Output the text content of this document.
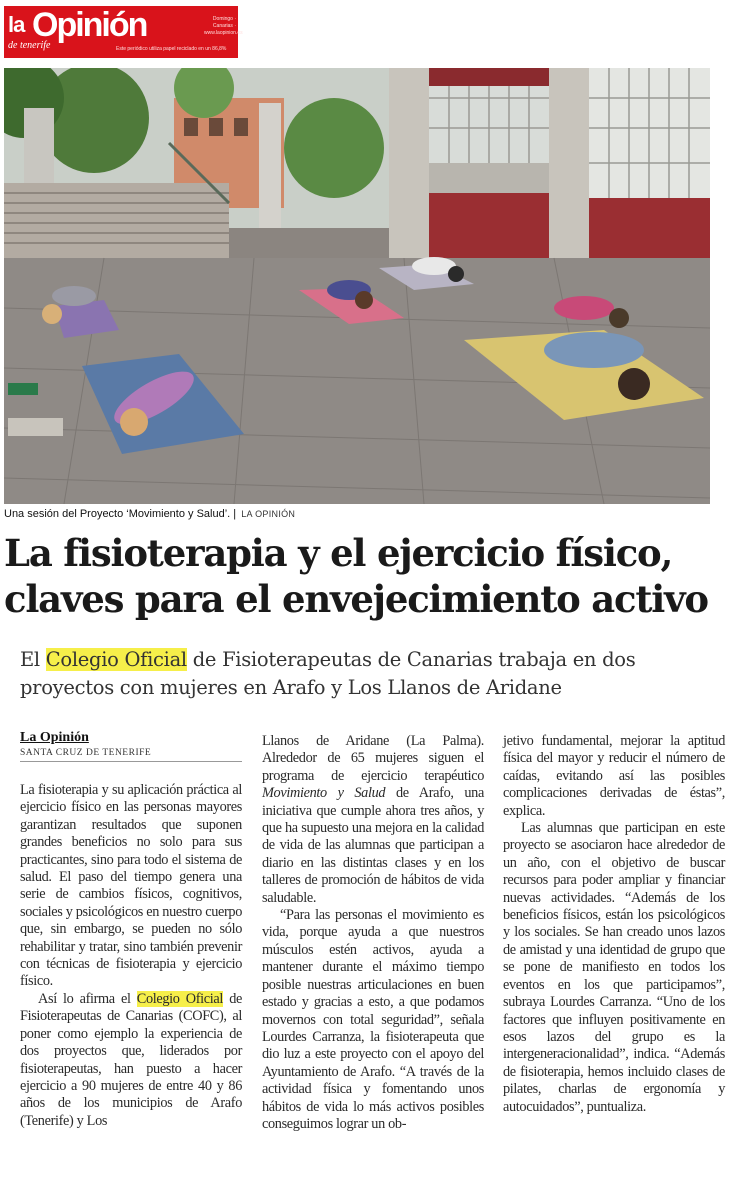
la Opinión
de tenerife	Este periódico utiliza papel reciclado en un 86,8%
Domingo · Canarias · www.laopinion.es
Una sesión del Proyecto ‘Movimiento y Salud’. | LA OPINIÓN
La fisioterapia y el ejercicio físico,
claves para el envejecimiento activo
El Colegio Oficial de Fisioterapeutas de Canarias trabaja en dos proyectos con mujeres en Arafo y Los Llanos de Aridane
La Opinión
SANTA CRUZ DE TENERIFE

La fisioterapia y su aplicación práctica al ejercicio físico en las personas mayores garantizan resultados que suponen grandes beneficios no solo para sus practicantes, sino para todo el sistema de salud. El paso del tiempo genera una serie de cambios físicos, cognitivos, sociales y psicológicos en nuestro cuerpo que, sin embargo, se pueden no sólo rehabilitar y tratar, sino también prevenir con técnicas de fisioterapia y ejercicio físico.

Así lo afirma el Colegio Oficial de Fisioterapeutas de Canarias (COFC), al poner como ejemplo la experiencia de dos proyectos que, liderados por fisioterapeutas, han puesto a hacer ejercicio a 90 mujeres de entre 40 y 86 años de los municipios de Arafo (Tenerife) y Los

Llanos de Aridane (La Palma). Alrededor de 65 mujeres siguen el programa de ejercicio terapéutico Movimiento y Salud de Arafo, una iniciativa que cumple ahora tres años, y que ha supuesto una mejora en la calidad de vida de las alumnas que participan a diario en las distintas clases y en los talleres de promoción de hábitos de vida saludable.

“Para las personas el movimiento es vida, porque ayuda a que nuestros músculos estén activos, ayuda a mantener durante el máximo tiempo posible nuestras articulaciones en buen estado y gracias a esto, a que podamos movernos con total seguridad”, señala Lourdes Carranza, la fisioterapeuta que dio luz a este proyecto con el apoyo del Ayuntamiento de Arafo. “A través de la actividad física y fomentando unos hábitos de vida lo más activos posibles conseguimos lograr un ob-

jetivo fundamental, mejorar la aptitud física del mayor y reducir el número de caídas, evitando así las posibles complicaciones derivadas de éstas”, explica.

Las alumnas que participan en este proyecto se asociaron hace alrededor de un año, con el objetivo de buscar recursos para poder ampliar y financiar nuevas actividades. “Además de los beneficios físicos, están los psicológicos y los sociales. Se han creado unos lazos de amistad y una identidad de grupo que se pone de manifiesto en todos los eventos en los que participamos”, subraya Lourdes Carranza. “Uno de los factores que influyen positivamente en esos lazos del grupo es la intergeneracionalidad”, indica. “Además de fisioterapia, hemos incluido clases de pilates, charlas de ergonomía y autocuidados”, puntualiza.
